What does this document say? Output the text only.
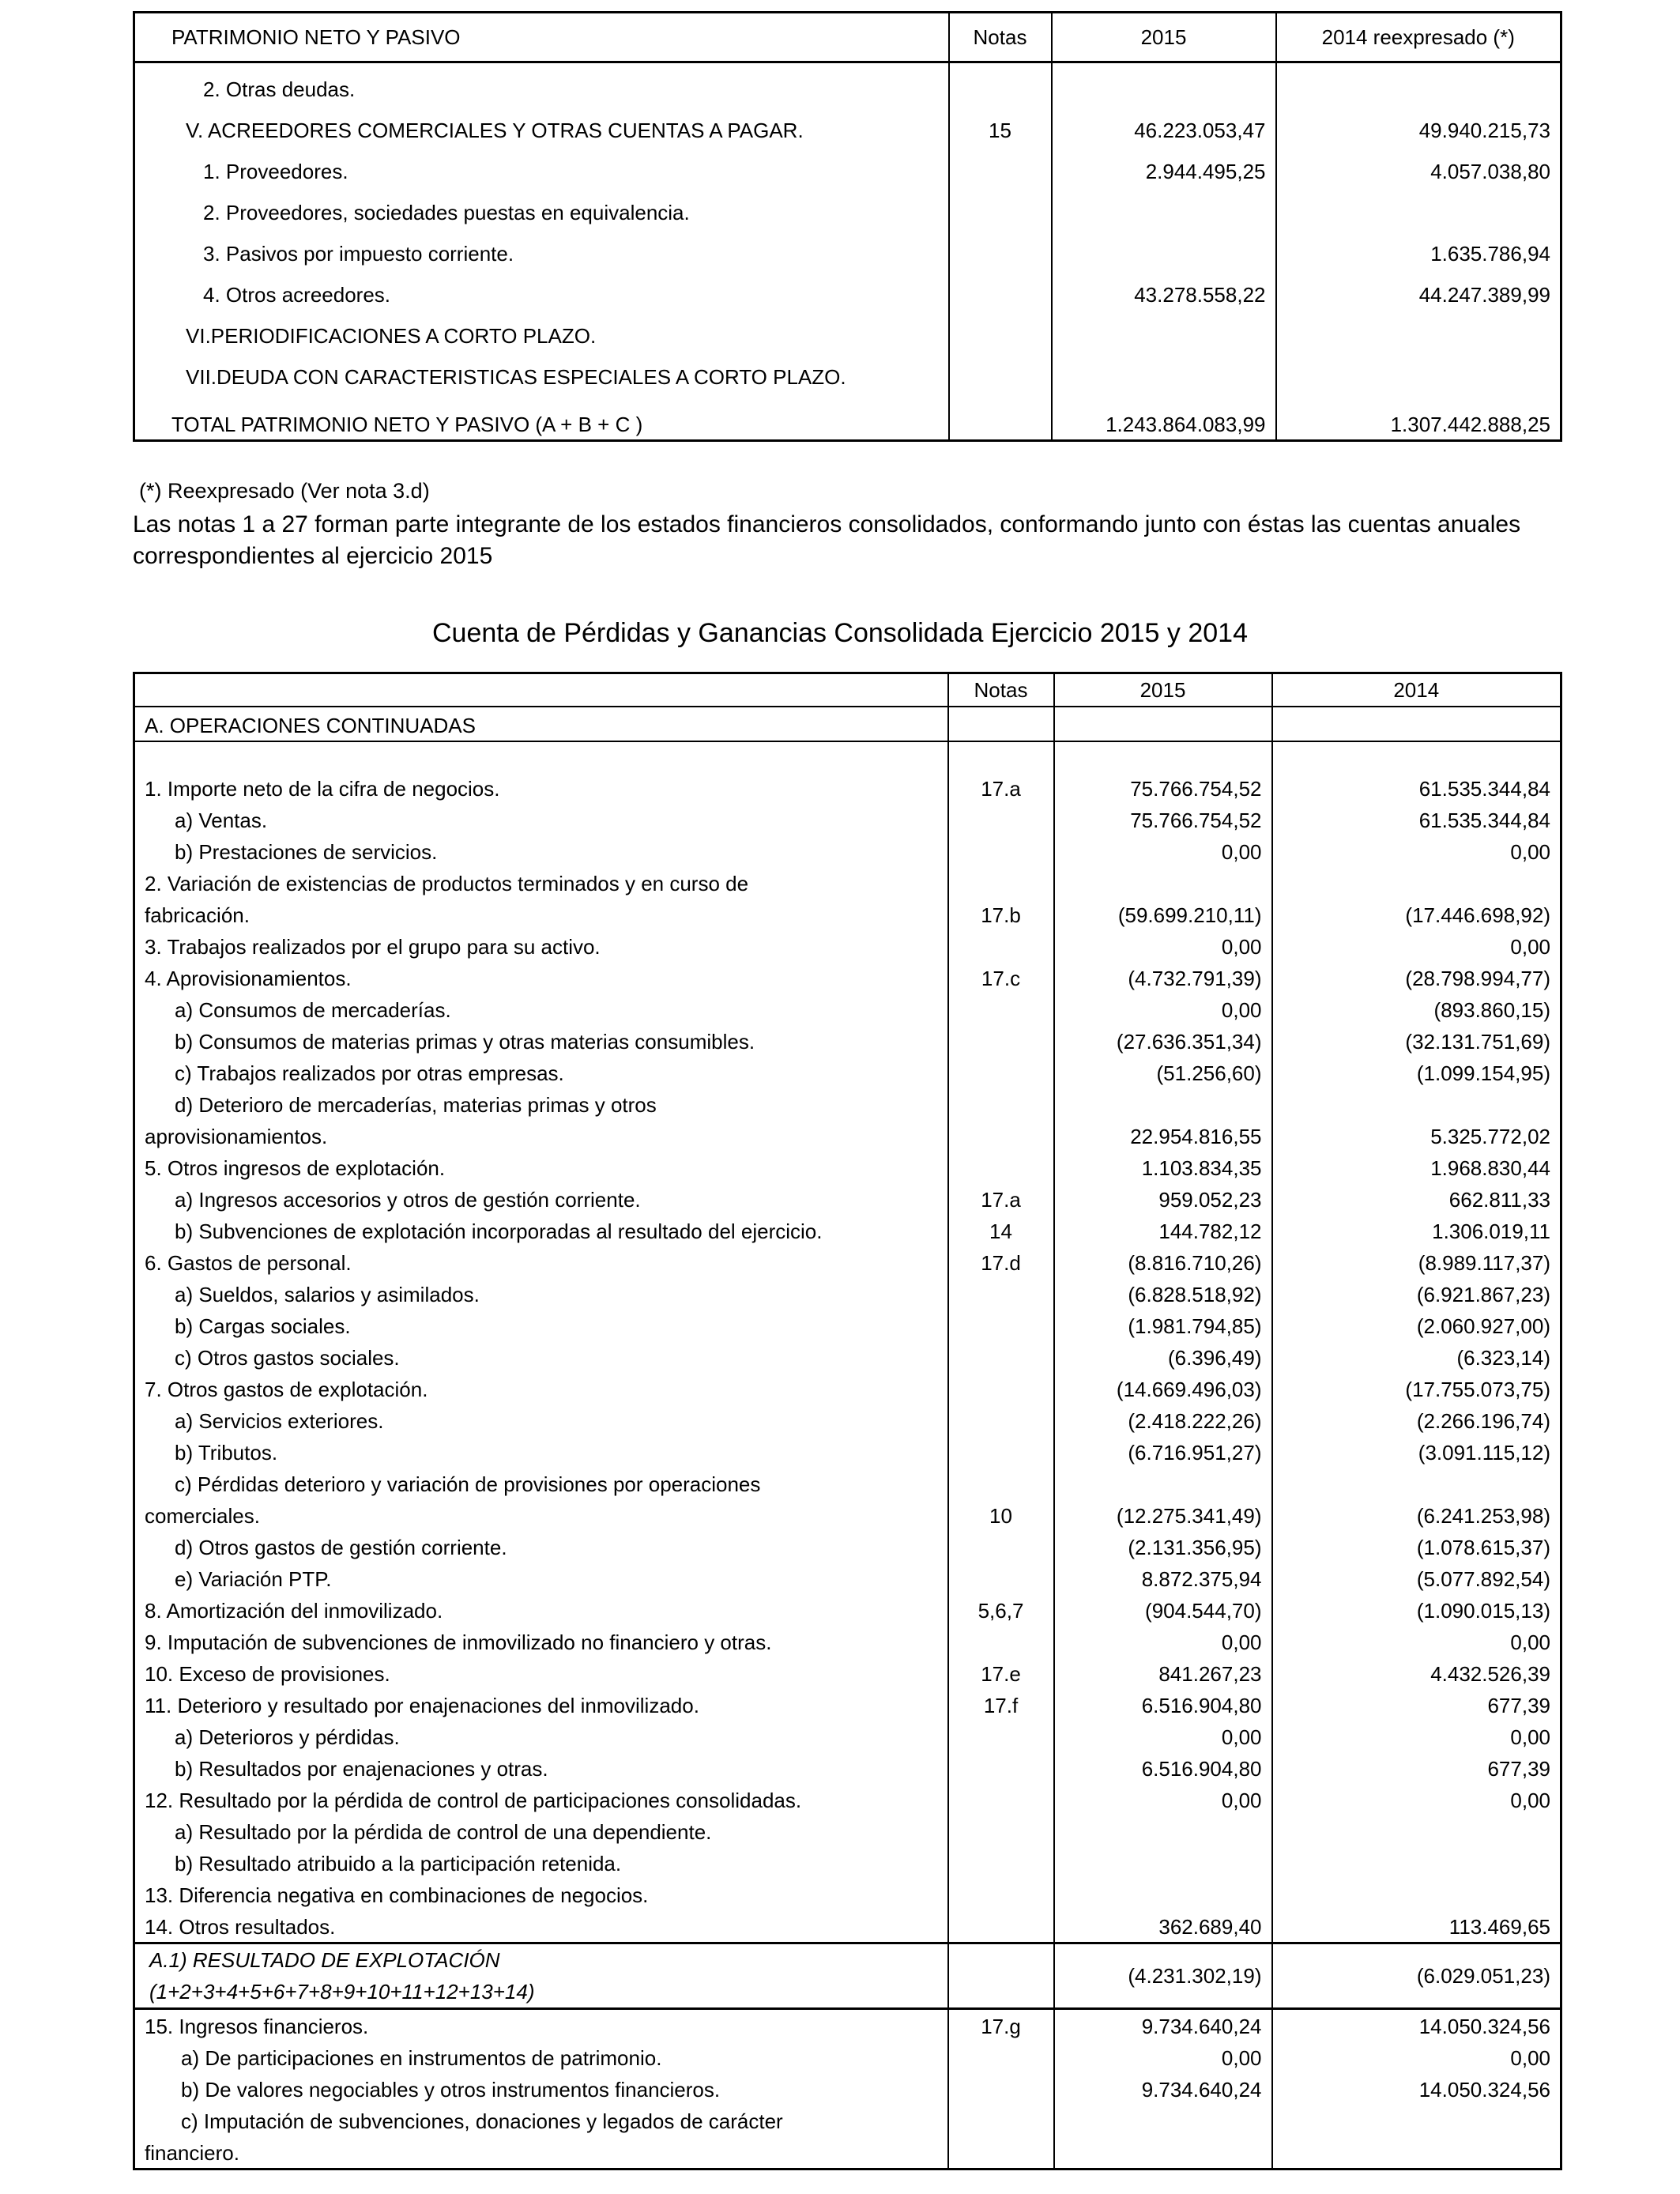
PATRIMONIO NETO Y PASIVO	Notas	2015	2014 reexpresado (*)
2. Otras deudas.			
V. ACREEDORES COMERCIALES Y OTRAS CUENTAS A PAGAR.	15	46.223.053,47	49.940.215,73
1. Proveedores.		2.944.495,25	4.057.038,80
2. Proveedores, sociedades puestas en equivalencia.			
3. Pasivos por impuesto corriente.			1.635.786,94
4. Otros acreedores.		43.278.558,22	44.247.389,99
VI.PERIODIFICACIONES A CORTO PLAZO.			
VII.DEUDA CON CARACTERISTICAS ESPECIALES A CORTO PLAZO.			
TOTAL PATRIMONIO NETO Y PASIVO (A + B + C )		1.243.864.083,99	1.307.442.888,25
(*) Reexpresado (Ver nota 3.d)
Las notas 1 a 27 forman parte integrante de los estados financieros consolidados, conformando junto con éstas las cuentas anuales correspondientes al ejercicio 2015
Cuenta de Pérdidas y Ganancias Consolidada Ejercicio 2015 y 2014
	Notas	2015	2014
A. OPERACIONES CONTINUADAS			

1. Importe neto de la cifra de negocios.	17.a	75.766.754,52	61.535.344,84
a) Ventas.		75.766.754,52	61.535.344,84
b) Prestaciones de servicios.		0,00	0,00
2. Variación de existencias de productos terminados y en curso de			
fabricación.	17.b	(59.699.210,11)	(17.446.698,92)
3. Trabajos realizados por el grupo para su activo.		0,00	0,00
4. Aprovisionamientos.	17.c	(4.732.791,39)	(28.798.994,77)
a) Consumos de mercaderías.		0,00	(893.860,15)
b) Consumos de materias primas y otras materias consumibles.		(27.636.351,34)	(32.131.751,69)
c) Trabajos realizados por otras empresas.		(51.256,60)	(1.099.154,95)
d) Deterioro de mercaderías, materias primas y otros			
aprovisionamientos.		22.954.816,55	5.325.772,02
5. Otros ingresos de explotación.		1.103.834,35	1.968.830,44
a) Ingresos accesorios y otros de gestión corriente.	17.a	959.052,23	662.811,33
b) Subvenciones de explotación incorporadas al resultado del ejercicio.	14	144.782,12	1.306.019,11
6. Gastos de personal.	17.d	(8.816.710,26)	(8.989.117,37)
a) Sueldos, salarios y asimilados.		(6.828.518,92)	(6.921.867,23)
b) Cargas sociales.		(1.981.794,85)	(2.060.927,00)
c) Otros gastos sociales.		(6.396,49)	(6.323,14)
7. Otros gastos de explotación.		(14.669.496,03)	(17.755.073,75)
a) Servicios exteriores.		(2.418.222,26)	(2.266.196,74)
b) Tributos.		(6.716.951,27)	(3.091.115,12)
c) Pérdidas deterioro y variación de provisiones por operaciones			
comerciales.	10	(12.275.341,49)	(6.241.253,98)
d) Otros gastos de gestión corriente.		(2.131.356,95)	(1.078.615,37)
e) Variación PTP.		8.872.375,94	(5.077.892,54)
8. Amortización del inmovilizado.	5,6,7	(904.544,70)	(1.090.015,13)
9. Imputación de subvenciones de inmovilizado no financiero y otras.		0,00	0,00
10. Exceso de provisiones.	17.e	841.267,23	4.432.526,39
11. Deterioro y resultado por enajenaciones del inmovilizado.	17.f	6.516.904,80	677,39
a) Deterioros y pérdidas.		0,00	0,00
b) Resultados por enajenaciones y otras.		6.516.904,80	677,39
12. Resultado por la pérdida de control de participaciones consolidadas.		0,00	0,00
a) Resultado por la pérdida de control de una dependiente.			
b) Resultado atribuido a la participación retenida.			
13. Diferencia negativa en combinaciones de negocios.			
14. Otros resultados.		362.689,40	113.469,65

A.1) RESULTADO DE EXPLOTACIÓN
(1+2+3+4+5+6+7+8+9+10+11+12+13+14)		(4.231.302,19)	(6.029.051,23)
15. Ingresos financieros.	17.g	9.734.640,24	14.050.324,56
a) De participaciones en instrumentos de patrimonio.		0,00	0,00
b) De valores negociables y otros instrumentos financieros.		9.734.640,24	14.050.324,56
c) Imputación de subvenciones, donaciones y legados de carácter			
financiero.			
